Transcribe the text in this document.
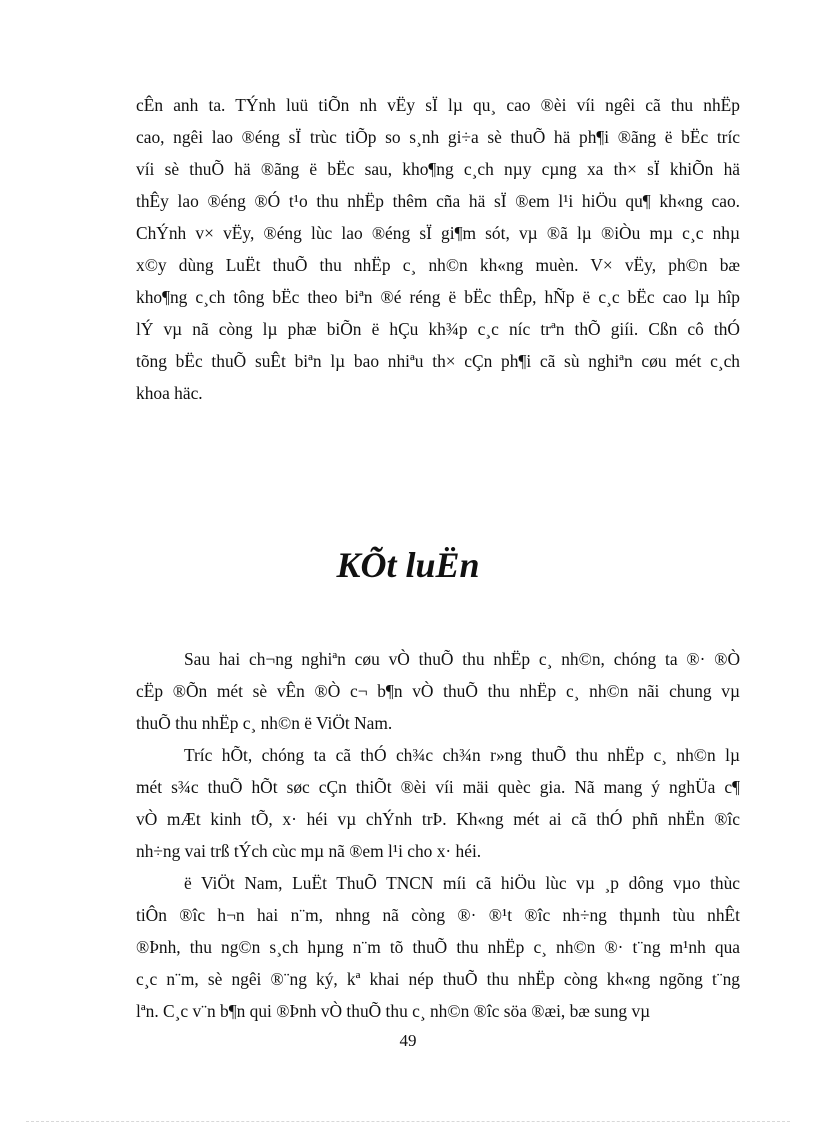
cÊn anh ta. TÝnh luü tiÕn nh vËy sÏ lµ qu¸ cao ®èi víi ngêi cã thu nhËp
cao, ngêi lao ®éng sÏ trùc tiÕp so s¸nh gi÷a sè thuÕ hä ph¶i ®ãng ë bËc tríc
víi sè thuÕ hä ®ãng ë bËc sau, kho¶ng c¸ch nµy cµng xa th× sÏ khiÕn hä
thÊy lao ®éng ®Ó t¹o thu nhËp thêm cña hä sÏ ®em l¹i hiÖu qu¶ kh«ng cao.
ChÝnh v× vËy, ®éng lùc lao ®éng sÏ gi¶m sót, vµ ®ã lµ ®iÒu mµ c¸c nhµ
x©y dùng LuËt thuÕ thu nhËp c¸ nh©n kh«ng muèn. V× vËy, ph©n bæ
kho¶ng c¸ch tông bËc theo biªn ®é réng ë bËc thÊp, hÑp ë c¸c bËc cao lµ hîp
lÝ vµ nã còng lµ phæ biÕn ë hÇu kh¾p c¸c níc trªn thÕ giíi. Cßn cô thÓ
tõng bËc thuÕ suÊt biªn lµ bao nhiªu th× cÇn ph¶i cã sù nghiªn cøu mét c¸ch
khoa häc.
KÕt luËn
Sau hai ch¬ng nghiªn cøu vÒ thuÕ thu nhËp c¸ nh©n, chóng ta ®· ®Ò
cËp ®Õn mét sè vÊn ®Ò c¬ b¶n vÒ thuÕ thu nhËp c¸ nh©n nãi chung vµ
thuÕ thu nhËp c¸ nh©n ë ViÖt Nam.
Tríc hÕt, chóng ta cã thÓ ch¾c ch¾n r»ng thuÕ thu nhËp c¸ nh©n lµ
mét s¾c thuÕ hÕt søc cÇn thiÕt ®èi víi mäi quèc gia. Nã mang ý nghÜa c¶
vÒ mÆt kinh tÕ, x· héi vµ chÝnh trÞ. Kh«ng mét ai cã thÓ phñ nhËn ®îc
nh÷ng vai trß tÝch cùc mµ nã ®em l¹i cho x· héi.
ë ViÖt Nam, LuËt ThuÕ TNCN míi cã hiÖu lùc vµ ¸p dông vµo thùc
tiÔn ®îc h¬n hai n¨m, nhng nã còng ®· ®¹t ®îc nh÷ng thµnh tùu nhÊt
®Þnh, thu ng©n s¸ch hµng n¨m tõ thuÕ thu nhËp c¸ nh©n ®· t¨ng m¹nh qua
c¸c n¨m, sè ngêi ®¨ng ký, kª khai nép thuÕ thu nhËp còng kh«ng ngõng t¨ng
lªn. C¸c v¨n b¶n qui ®Þnh vÒ thuÕ thu c¸ nh©n ®îc söa ®æi, bæ sung vµ
49
